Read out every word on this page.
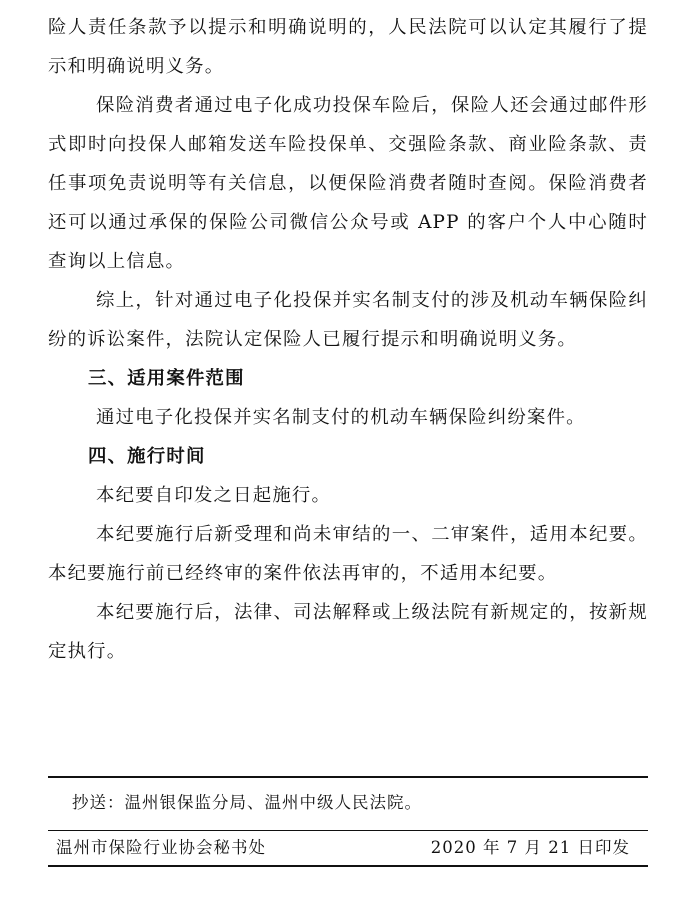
险人责任条款予以提示和明确说明的，人民法院可以认定其履行了提示和明确说明义务。

保险消费者通过电子化成功投保车险后，保险人还会通过邮件形式即时向投保人邮箱发送车险投保单、交强险条款、商业险条款、责任事项免责说明等有关信息，以便保险消费者随时查阅。保险消费者还可以通过承保的保险公司微信公众号或 APP 的客户个人中心随时查询以上信息。

综上，针对通过电子化投保并实名制支付的涉及机动车辆保险纠纷的诉讼案件，法院认定保险人已履行提示和明确说明义务。

三、适用案件范围

通过电子化投保并实名制支付的机动车辆保险纠纷案件。

四、施行时间

本纪要自印发之日起施行。

本纪要施行后新受理和尚未审结的一、二审案件，适用本纪要。本纪要施行前已经终审的案件依法再审的，不适用本纪要。

本纪要施行后，法律、司法解释或上级法院有新规定的，按新规定执行。

抄送：温州银保监分局、温州中级人民法院。
温州市保险行业协会秘书处	2020 年 7 月 21 日印发
